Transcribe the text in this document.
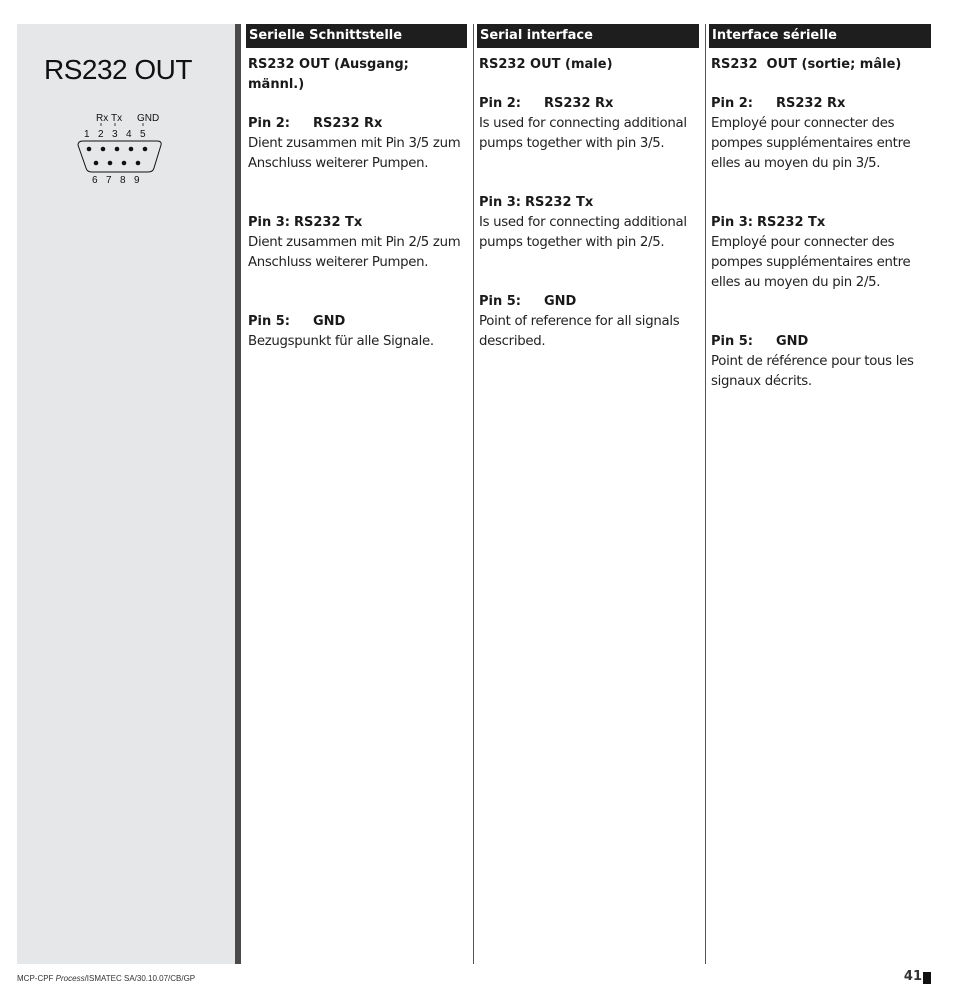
RS232 OUT
Rx Tx GND
1 2 3 4 5
6 7 8 9
Serielle Schnittstelle
RS232 OUT (Ausgang; männl.)
Pin 2: RS232 Rx
Dient zusammen mit Pin 3/5 zum Anschluss weiterer Pumpen.
Pin 3: RS232 Tx
Dient zusammen mit Pin 2/5 zum Anschluss weiterer Pumpen.
Pin 5: GND
Bezugspunkt für alle Signale.
Serial interface
RS232 OUT (male)
Pin 2: RS232 Rx
Is used for connecting additional pumps together with pin 3/5.
Pin 3: RS232 Tx
Is used for connecting additional pumps together with pin 2/5.
Pin 5: GND
Point of reference for all signals described.
Interface sérielle
RS232  OUT (sortie; mâle)
Pin 2: RS232 Rx
Employé pour connecter des pompes supplémentaires entre elles au moyen du pin 3/5.
Pin 3: RS232 Tx
Employé pour connecter des pompes supplémentaires entre elles au moyen du pin 2/5.
Pin 5: GND
Point de référence pour tous les signaux décrits.
MCP-CPF Process/ISMATEC SA/30.10.07/CB/GP	41
